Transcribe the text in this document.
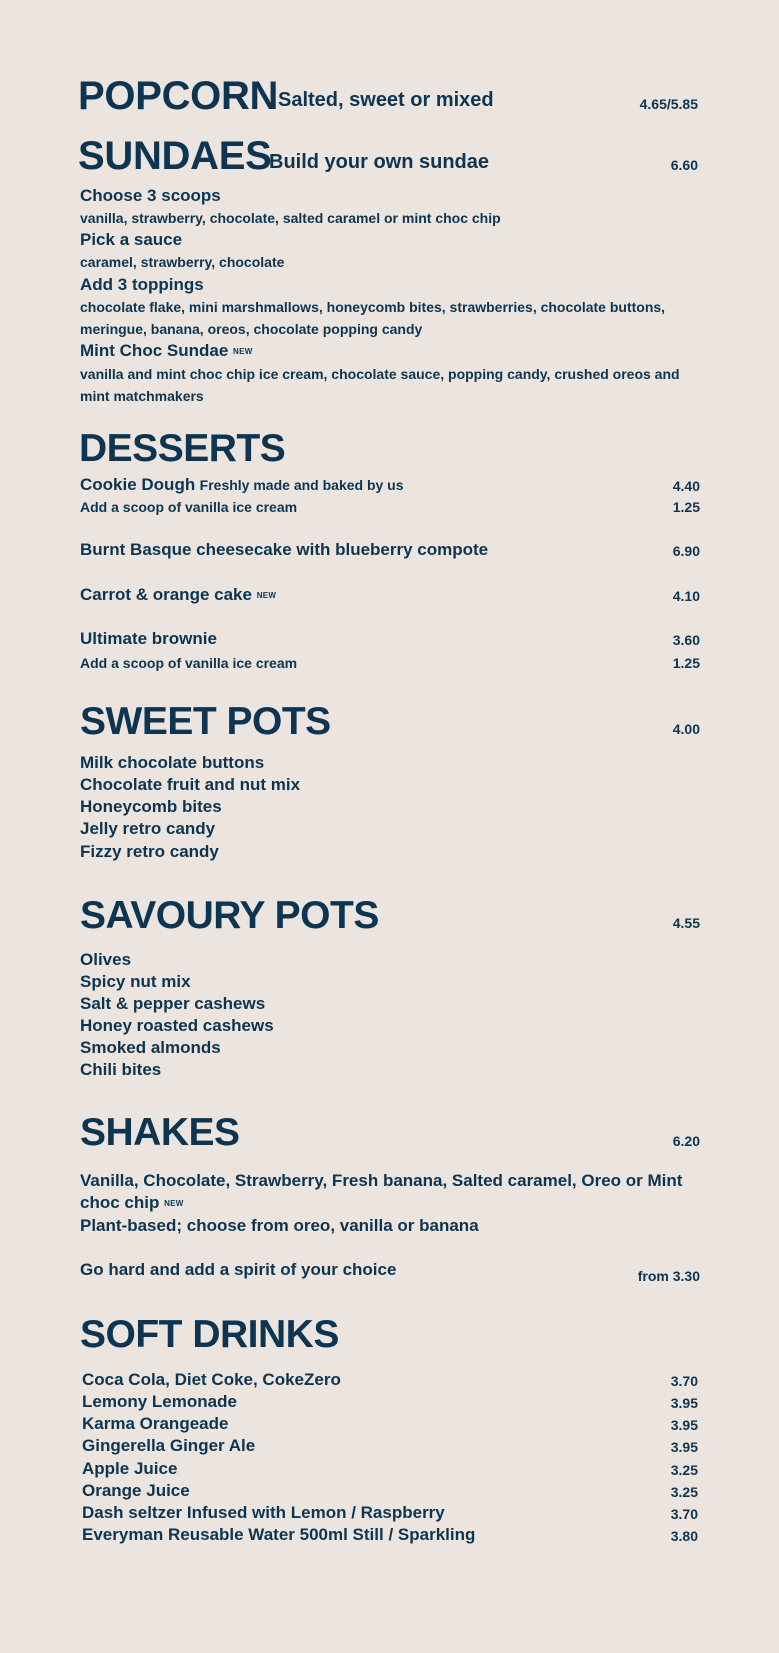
POPCORN Salted, sweet or mixed	4.65/5.85
SUNDAES
Build your own sundae	6.60
Choose 3 scoops
vanilla, strawberry, chocolate, salted caramel or mint choc chip
Pick a sauce
caramel, strawberry, chocolate
Add 3 toppings
chocolate flake, mini marshmallows, honeycomb bites, strawberries, chocolate buttons,
meringue, banana, oreos, chocolate popping candy
Mint Choc Sundae NEW
vanilla and mint choc chip ice cream, chocolate sauce, popping candy, crushed oreos and
mint matchmakers
DESSERTS
Cookie Dough Freshly made and baked by us	4.40
Add a scoop of vanilla ice cream	1.25
Burnt Basque cheesecake with blueberry compote	6.90
Carrot & orange cake NEW	4.10
Ultimate brownie	3.60
Add a scoop of vanilla ice cream	1.25
SWEET POTS	4.00
Milk chocolate buttons
Chocolate fruit and nut mix
Honeycomb bites
Jelly retro candy
Fizzy retro candy
SAVOURY POTS	4.55
Olives
Spicy nut mix
Salt & pepper cashews
Honey roasted cashews
Smoked almonds
Chili bites
SHAKES	6.20
Vanilla, Chocolate, Strawberry, Fresh banana, Salted caramel, Oreo or Mint
choc chip NEW
Plant-based; choose from oreo, vanilla or banana
Go hard and add a spirit of your choice	from 3.30
SOFT DRINKS
Coca Cola, Diet Coke, CokeZero	3.70
Lemony Lemonade	3.95
Karma Orangeade	3.95
Gingerella Ginger Ale	3.95
Apple Juice	3.25
Orange Juice	3.25
Dash seltzer Infused with Lemon / Raspberry	3.70
Everyman Reusable Water 500ml Still / Sparkling	3.80
